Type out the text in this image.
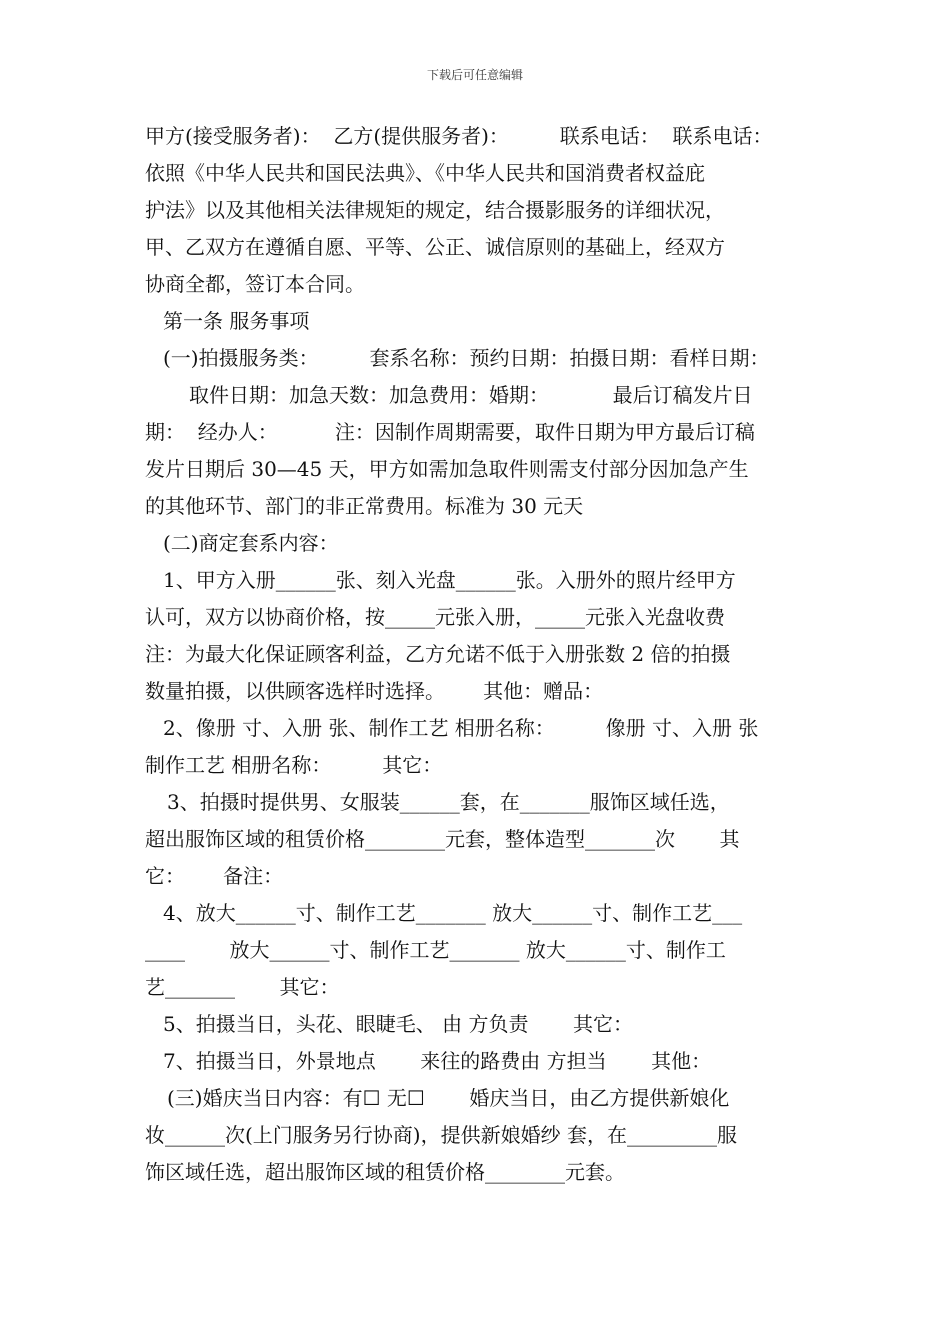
下载后可任意编辑
甲方(接受服务者)：  乙方(提供服务者)：        联系电话：  联系电话：
依照《中华人民共和国民法典》、《中华人民共和国消费者权益庇
护法》以及其他相关法律规矩的规定，结合摄影服务的详细状况，
甲、乙双方在遵循自愿、平等、公正、诚信原则的基础上，经双方
协商全都，签订本合同。
第一条 服务事项
(一)拍摄服务类：        套系名称：预约日期：拍摄日期：看样日期：
取件日期：加急天数：加急费用：婚期：          最后订稿发片日
期：  经办人：         注：因制作周期需要，取件日期为甲方最后订稿
发片日期后 30—45 天，甲方如需加急取件则需支付部分因加急产生
的其他环节、部门的非正常费用。标准为 30 元天
(二)商定套系内容：
1、甲方入册______张、刻入光盘______张。入册外的照片经甲方
认可，双方以协商价格，按_____元张入册，_____元张入光盘收费
注：为最大化保证顾客利益，乙方允诺不低于入册张数 2 倍的拍摄
数量拍摄，以供顾客选样时选择。      其他：赠品：
2、像册 寸、入册 张、制作工艺 相册名称：        像册 寸、入册 张
制作工艺 相册名称：        其它：
3、拍摄时提供男、女服装______套，在_______服饰区域任选，
超出服饰区域的租赁价格________元套，整体造型_______次       其
它：      备注：
4、放大______寸、制作工艺_______ 放大______寸、制作工艺___
____       放大______寸、制作工艺_______ 放大______寸、制作工
艺_______       其它：
5、拍摄当日，头花、眼睫毛、 由 方负责       其它：
7、拍摄当日，外景地点       来往的路费由 方担当       其他：
(三)婚庆当日内容：有☐ 无☐       婚庆当日，由乙方提供新娘化
妆______次(上门服务另行协商)，提供新娘婚纱 套，在_________服
饰区域任选，超出服饰区域的租赁价格________元套。
